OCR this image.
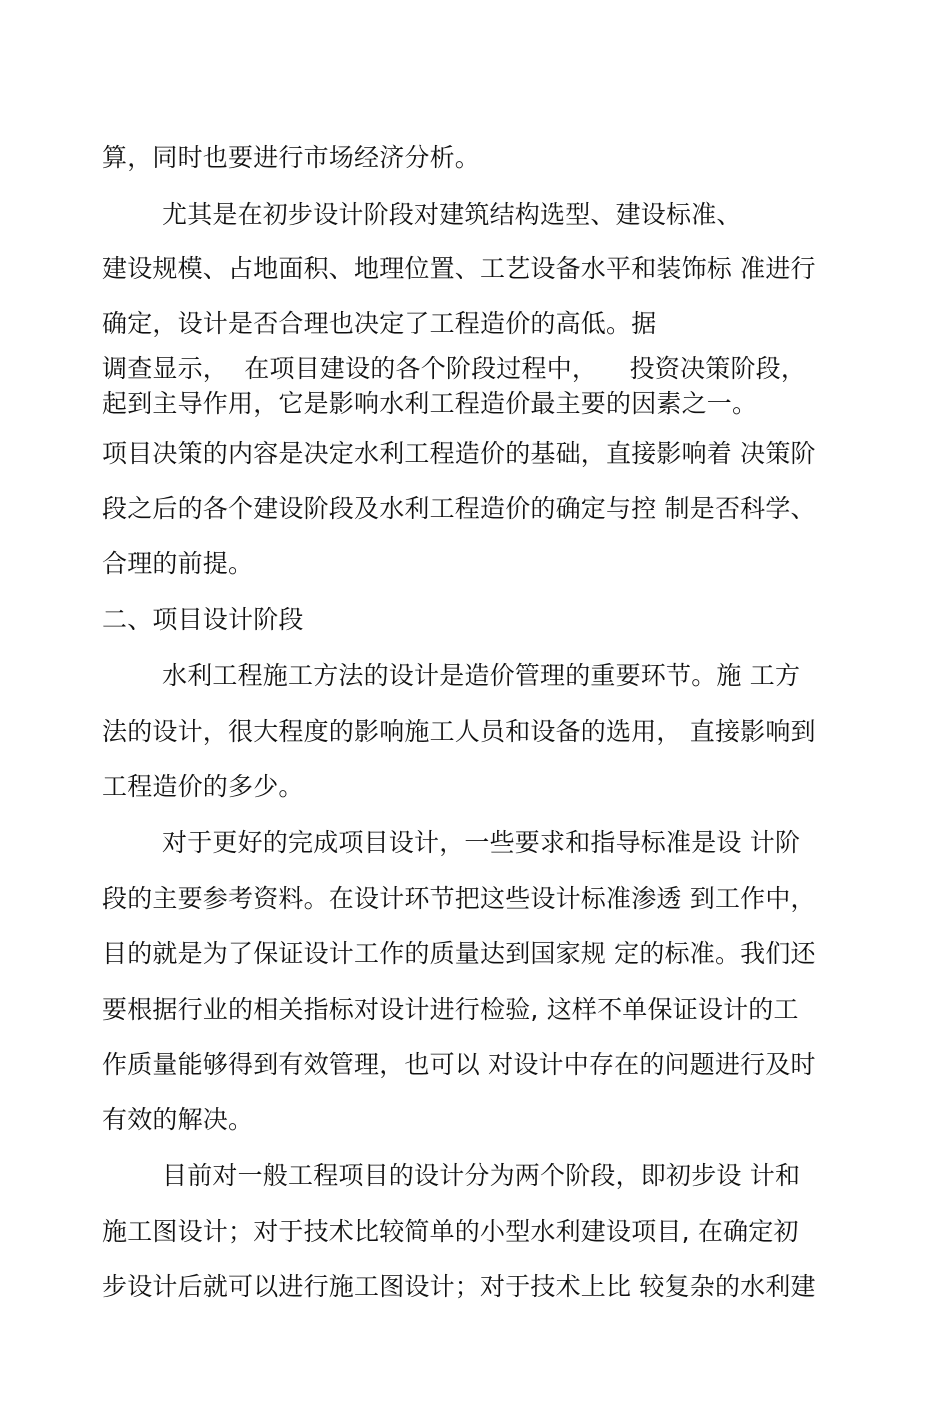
算，同时也要进行市场经济分析。

尤其是在初步设计阶段对建筑结构选型、建设标准、

建设规模、占地面积、地理位置、工艺设备水平和装饰标 准进行

确定，设计是否合理也决定了工程造价的高低。据

调查显示，  在项目建设的各个阶段过程中，    投资决策阶段，

起到主导作用，它是影响水利工程造价最主要的因素之一。

项目决策的内容是决定水利工程造价的基础，直接影响着 决策阶

段之后的各个建设阶段及水利工程造价的确定与控 制是否科学、

合理的前提。

二、项目设计阶段

水利工程施工方法的设计是造价管理的重要环节。施 工方

法的设计，很大程度的影响施工人员和设备的选用， 直接影响到

工程造价的多少。

对于更好的完成项目设计，一些要求和指导标准是设 计阶

段的主要参考资料。在设计环节把这些设计标准渗透 到工作中，

目的就是为了保证设计工作的质量达到国家规 定的标准。我们还

要根据行业的相关指标对设计进行检验, 这样不单保证设计的工

作质量能够得到有效管理，也可以 对设计中存在的问题进行及时

有效的解决。

目前对一般工程项目的设计分为两个阶段，即初步设 计和

施工图设计；对于技术比较简单的小型水利建设项目, 在确定初

步设计后就可以进行施工图设计；对于技术上比 较复杂的水利建
